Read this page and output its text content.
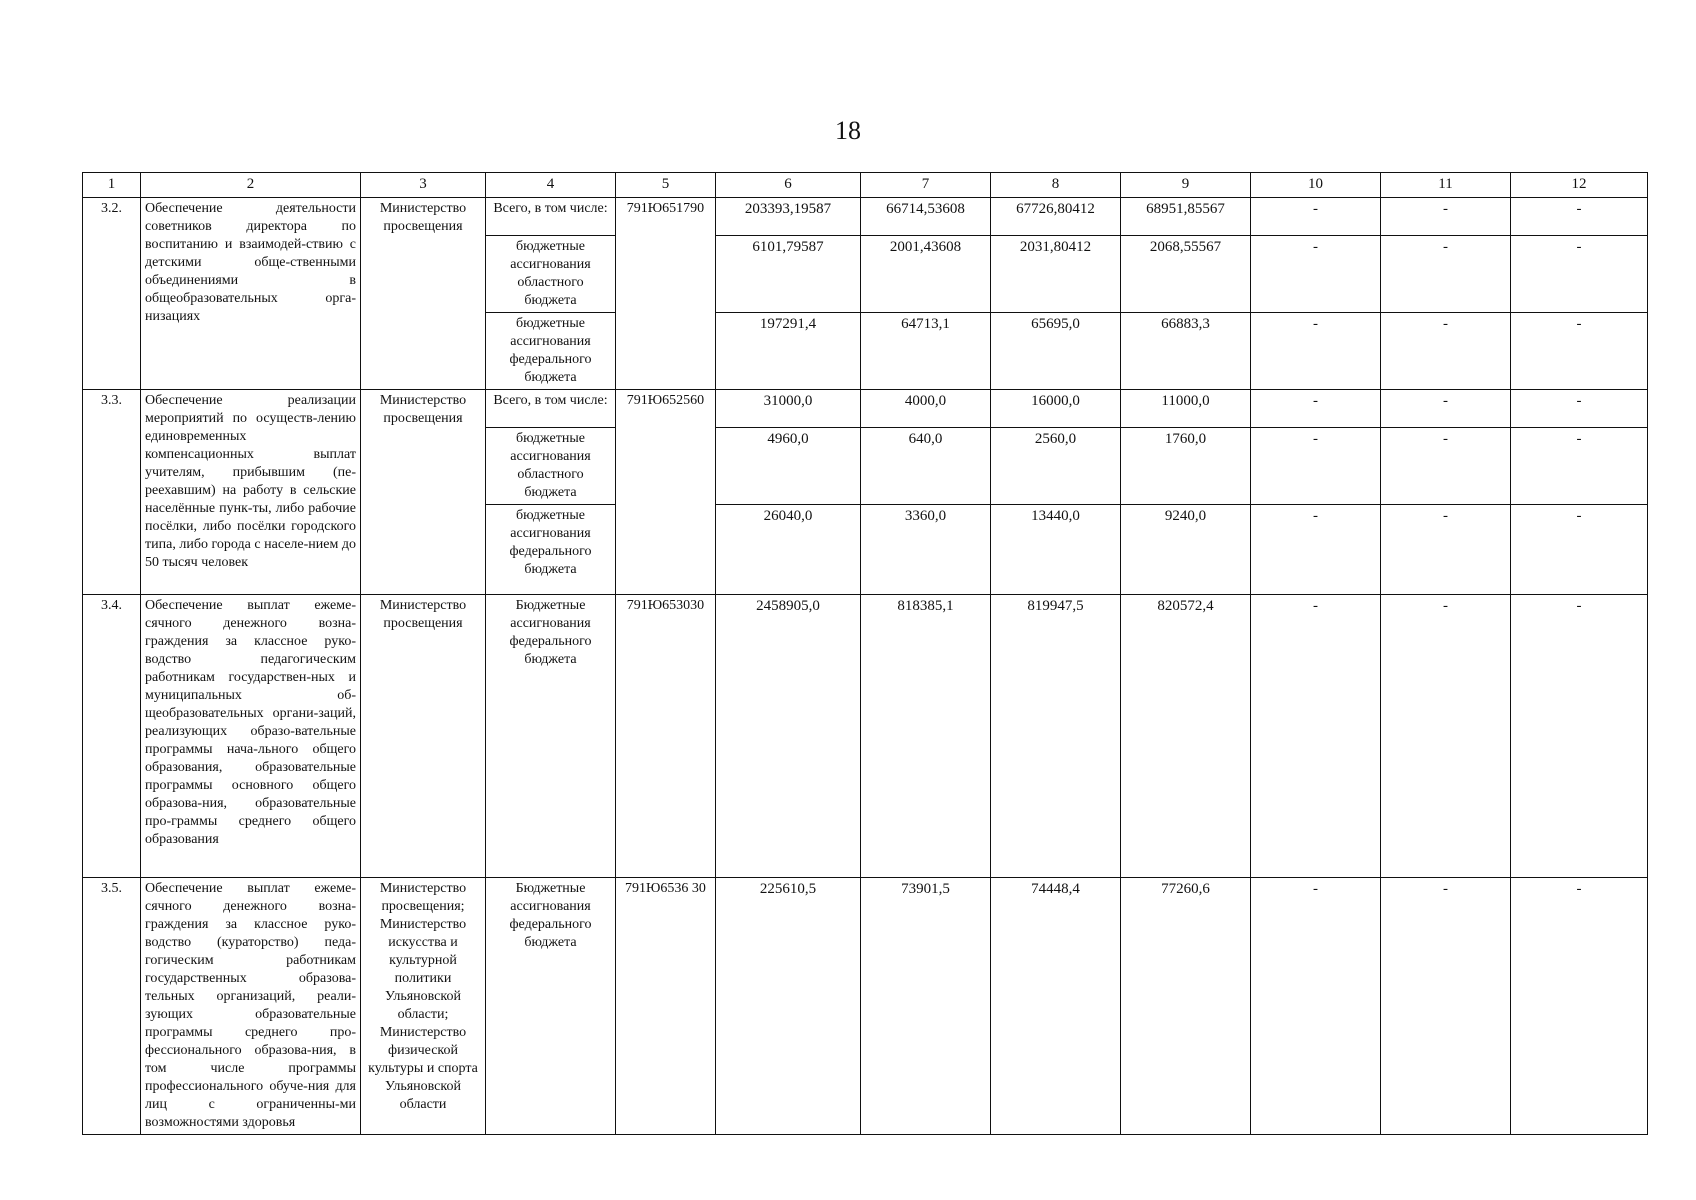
18
1	2	3	4	5	6	7	8	9	10	11	12
3.2.	Обеспечение деятельности советников директора по воспитанию и взаимодей-ствию с детскими обще-ственными объединениями в общеобразовательных орга-низациях	Министерство просвещения	Всего, в том числе:	791Ю651790	203393,19587	66714,53608	67726,80412	68951,85567	-	-	-
			бюджетные ассигнования областного бюджета		6101,79587	2001,43608	2031,80412	2068,55567	-	-	-
			бюджетные ассигнования федерального бюджета		197291,4	64713,1	65695,0	66883,3	-	-	-
3.3.	Обеспечение реализации мероприятий по осуществ-лению единовременных компенсационных выплат учителям, прибывшим (пе-реехавшим) на работу в сельские населённые пунк-ты, либо рабочие посёлки, либо посёлки городского типа, либо города с населе-нием до 50 тысяч человек	Министерство просвещения	Всего, в том числе:	791Ю652560	31000,0	4000,0	16000,0	11000,0	-	-	-
			бюджетные ассигнования областного бюджета		4960,0	640,0	2560,0	1760,0	-	-	-
			бюджетные ассигнования федерального бюджета		26040,0	3360,0	13440,0	9240,0	-	-	-
3.4.	Обеспечение выплат ежеме-сячного денежного возна-граждения за классное руко-водство педагогическим работникам государствен-ных и муниципальных об-щеобразовательных органи-заций, реализующих образо-вательные программы нача-льного общего образования, образовательные программы основного общего образова-ния, образовательные про-граммы среднего общего образования	Министерство просвещения	Бюджетные ассигнования федерального бюджета	791Ю653030	2458905,0	818385,1	819947,5	820572,4	-	-	-
3.5.	Обеспечение выплат ежеме-сячного денежного возна-граждения за классное руко-водство (кураторство) педа-гогическим работникам государственных образова-тельных организаций, реали-зующих образовательные программы среднего про-фессионального образова-ния, в том числе программы профессионального обуче-ния для лиц с ограниченны-ми возможностями здоровья	Министерство просвещения; Министерство искусства и культурной политики Ульяновской области; Министерство физической культуры и спорта Ульяновской области	Бюджетные ассигнования федерального бюджета	791Ю6536 30	225610,5	73901,5	74448,4	77260,6	-	-	-
